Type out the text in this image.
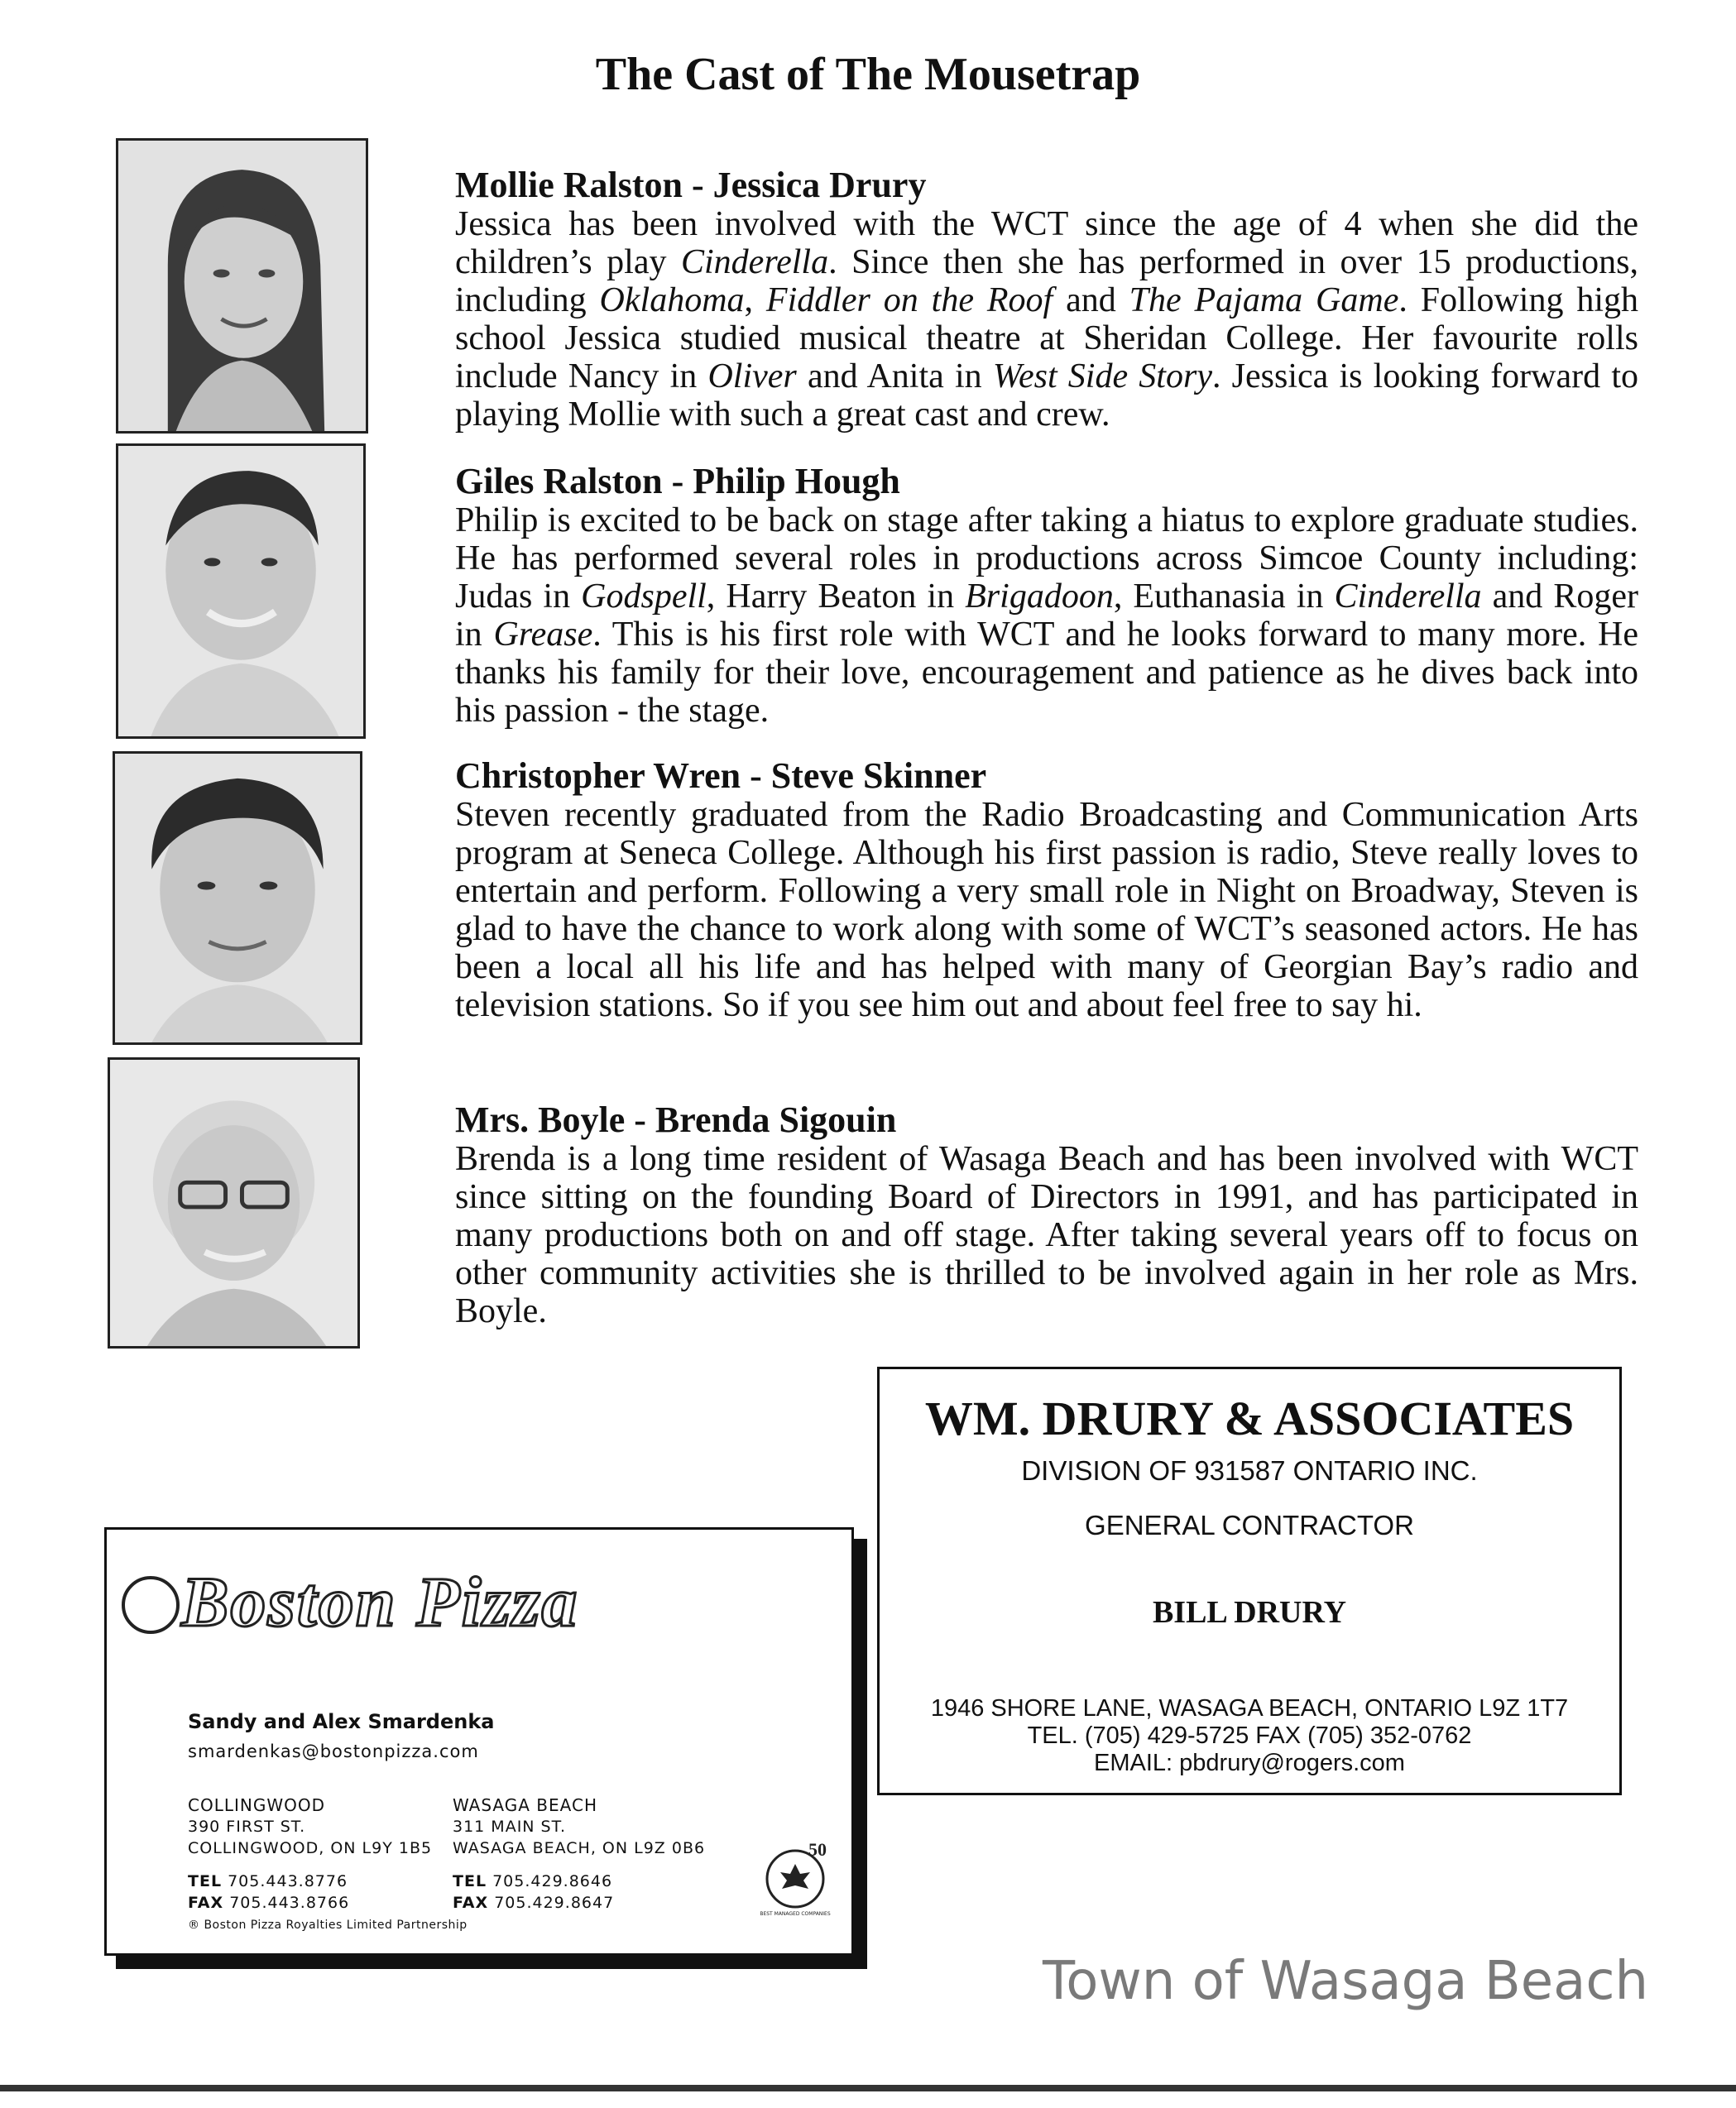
The Cast of The Mousetrap
Mollie Ralston - Jessica Drury

Jessica has been involved with the WCT since the age of 4 when she did the children’s play Cinderella. Since then she has performed in over 15 productions, including Oklahoma, Fiddler on the Roof and The Pajama Game. Following high school Jessica studied musical theatre at Sheridan College. Her favourite rolls include Nancy in Oliver and Anita in West Side Story. Jessica is looking forward to playing Mollie with such a great cast and crew.

Giles Ralston - Philip Hough

Philip is excited to be back on stage after taking a hiatus to explore graduate studies. He has performed several roles in productions across Simcoe County including: Judas in Godspell, Harry Beaton in Brigadoon, Euthanasia in Cinderella and Roger in Grease. This is his first role with WCT and he looks forward to many more. He thanks his family for their love, encouragement and patience as he dives back into his passion - the stage.

Christopher Wren - Steve Skinner

Steven recently graduated from the Radio Broadcasting and Communication Arts program at Seneca College. Although his first passion is radio, Steve really loves to entertain and perform. Following a very small role in Night on Broadway, Steven is glad to have the chance to work along with some of WCT’s seasoned actors. He has been a local all his life and has helped with many of Georgian Bay’s radio and television stations. So if you see him out and about feel free to say hi.

Mrs. Boyle - Brenda Sigouin

Brenda is a long time resident of Wasaga Beach and has been involved with WCT since sitting on the founding Board of Directors in 1991, and has participated in many productions both on and off stage. After taking several years off to focus on other community activities she is thrilled to be involved again in her role as Mrs. Boyle.

WM. DRURY & ASSOCIATES
DIVISION OF 931587 ONTARIO INC.
GENERAL CONTRACTOR
BILL DRURY
1946 SHORE LANE, WASAGA BEACH, ONTARIO L9Z 1T7
TEL. (705) 429-5725 FAX (705) 352-0762
EMAIL: pbdrury@rogers.com
Boston Pizza
Sandy and Alex Smardenka
smardenkas@bostonpizza.com
COLLINGWOOD
390 FIRST ST.
COLLINGWOOD, ON L9Y 1B5
TEL 705.443.8776
FAX 705.443.8766
WASAGA BEACH
311 MAIN ST.
WASAGA BEACH, ON L9Z 0B6
TEL 705.429.8646
FAX 705.429.8647
50
BEST MANAGED COMPANIES
® Boston Pizza Royalties Limited Partnership
Town of Wasaga Beach
